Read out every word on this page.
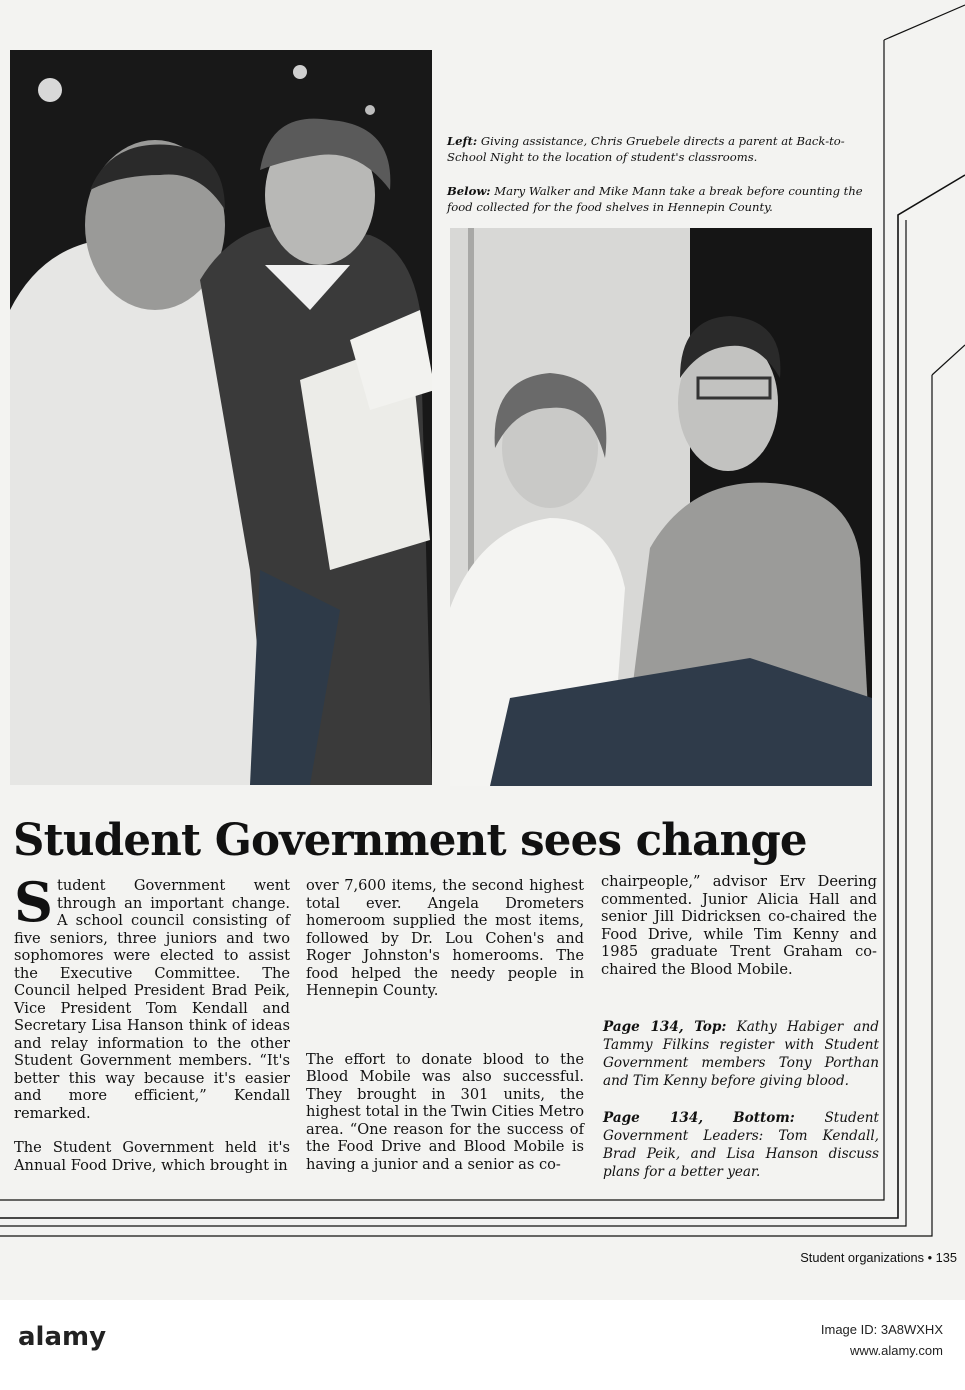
Left: Giving assistance, Chris Gruebele directs a parent at Back-to-School Night to the location of student's classrooms.
Below: Mary Walker and Mike Mann take a break before counting the food collected for the food shelves in Hennepin County.
Student Government sees change

Student Government went through an important change. A school council consisting of five seniors, three juniors and two sophomores were elected to assist the Executive Committee. The Council helped President Brad Peik, Vice President Tom Kendall and Secretary Lisa Hanson think of ideas and relay information to the other Student Government members. “It's better this way because it's easier and more efficient,” Kendall remarked.

The Student Government held it's Annual Food Drive, which brought in

over 7,600 items, the second highest total ever. Angela Drometers homeroom supplied the most items, followed by Dr. Lou Cohen's and Roger Johnston's homerooms. The food helped the needy people in Hennepin County.

The effort to donate blood to the Blood Mobile was also successful. They brought in 301 units, the highest total in the Twin Cities Metro area. “One reason for the success of the Food Drive and Blood Mobile is having a junior and a senior as co-

chairpeople,” advisor Erv Deering commented. Junior Alicia Hall and senior Jill Didricksen co-chaired the Food Drive, while Tim Kenny and 1985 graduate Trent Graham co-chaired the Blood Mobile.

Page 134, Top: Kathy Habiger and Tammy Filkins register with Student Government members Tony Porthan and Tim Kenny before giving blood.
Page 134, Bottom: Student Government Leaders: Tom Kendall, Brad Peik, and Lisa Hanson discuss plans for a better year.
Student organizations • 135
alamy	Image ID: 3A8WXHX
www.alamy.com
